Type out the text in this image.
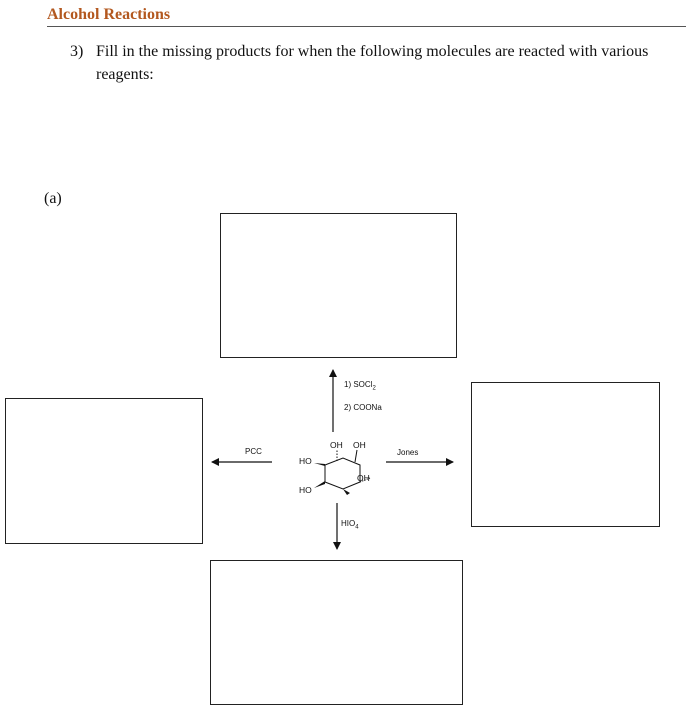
Alcohol Reactions
3) Fill in the missing products for when the following molecules are reacted with various reagents:
(a)
OH OH
HO
HO
OH
1) SOCl$_2$
2) COONa
PCC	Jones
$HIO_4$
